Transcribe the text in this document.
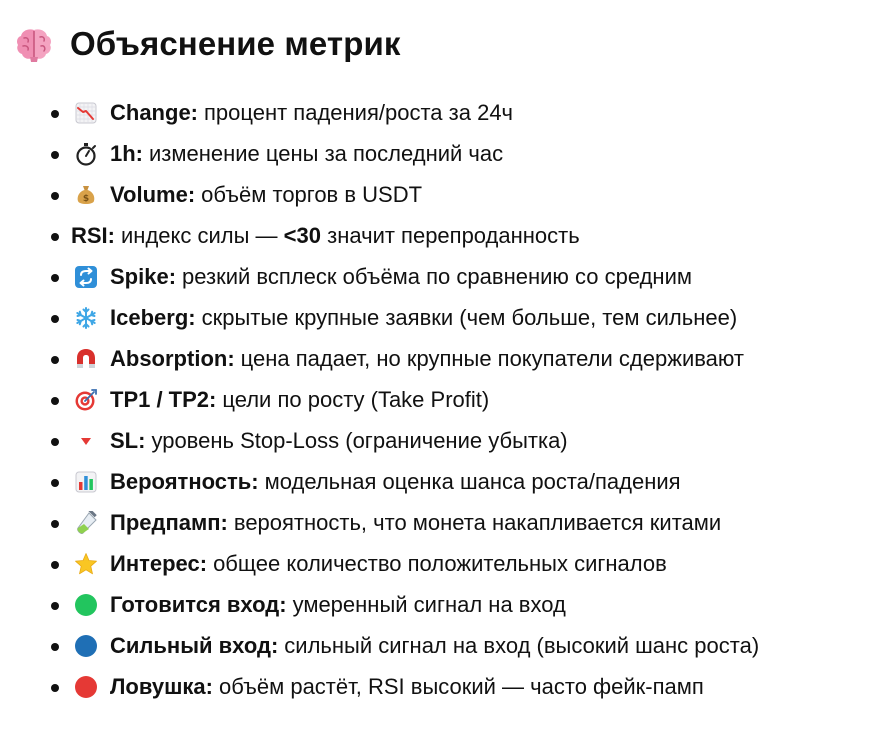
Объяснение метрик
Change: процент падения/роста за 24ч
1h: изменение цены за последний час
$ Volume: объём торгов в USDT
RSI: индекс силы — <30 значит перепроданность
Spike: резкий всплеск объёма по сравнению со средним
Iceberg: скрытые крупные заявки (чем больше, тем сильнее)
Absorption: цена падает, но крупные покупатели сдерживают
TP1 / TP2: цели по росту (Take Profit)
SL: уровень Stop-Loss (ограничение убытка)
Вероятность: модельная оценка шанса роста/падения
Предпамп: вероятность, что монета накапливается китами
Интерес: общее количество положительных сигналов
Готовится вход: умеренный сигнал на вход
Сильный вход: сильный сигнал на вход (высокий шанс роста)
Ловушка: объём растёт, RSI высокий — часто фейк-памп
